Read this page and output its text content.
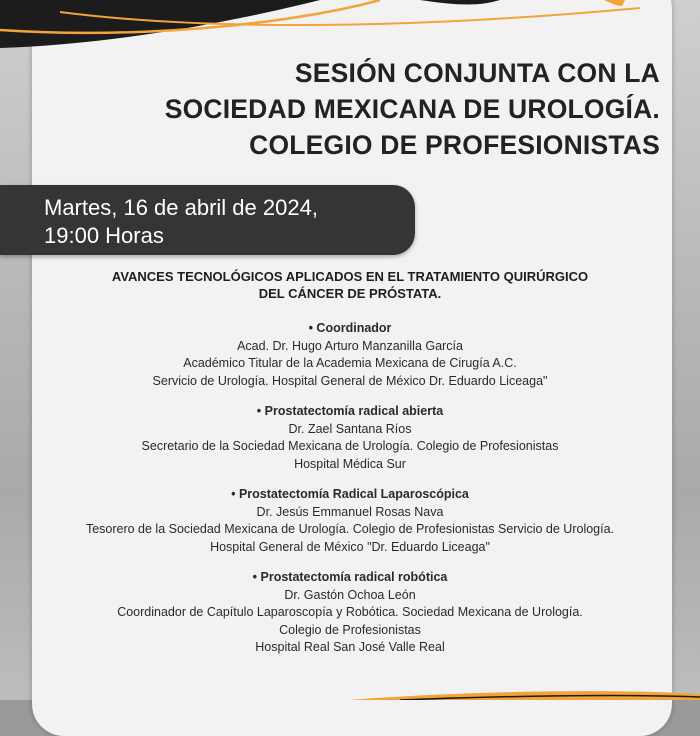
SESIÓN CONJUNTA CON LA
SOCIEDAD MEXICANA DE UROLOGÍA.
COLEGIO DE PROFESIONISTAS
Martes, 16 de abril de 2024,
19:00 Horas
AVANCES TECNOLÓGICOS APLICADOS EN EL TRATAMIENTO QUIRÚRGICO
DEL CÁNCER DE PRÓSTATA.
• Coordinador
Acad. Dr. Hugo Arturo Manzanilla García
Académico Titular de la Academia Mexicana de Cirugía A.C.
Servicio de Urología. Hospital General de México Dr. Eduardo Liceaga"
• Prostatectomía radical abierta
Dr. Zael Santana Ríos
Secretario de la Sociedad Mexicana de Urología. Colegio de Profesionistas
Hospital Médica Sur
• Prostatectomía Radical Laparoscópica
Dr. Jesús Emmanuel Rosas Nava
Tesorero de la Sociedad Mexicana de Urología. Colegio de Profesionistas Servicio de Urología.
Hospital General de México "Dr. Eduardo Liceaga"
• Prostatectomía radical robótica
Dr. Gastón Ochoa León
Coordinador de Capítulo Laparoscopía y Robótica. Sociedad Mexicana de Urología.
Colegio de Profesionistas
Hospital Real San José Valle Real
